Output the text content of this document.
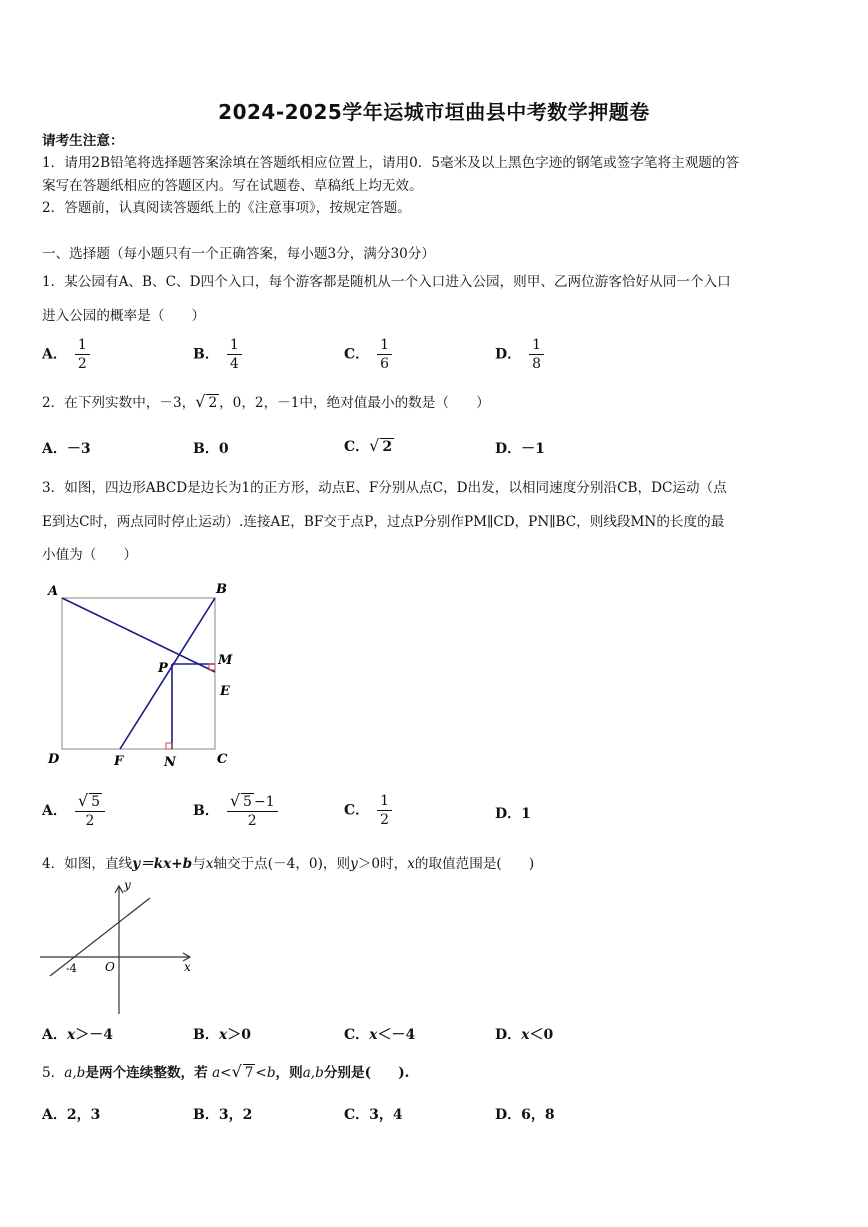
2024-2025学年运城市垣曲县中考数学押题卷
请考生注意：
1．请用2B铅笔将选择题答案涂填在答题纸相应位置上，请用0．5毫米及以上黑色字迹的钢笔或签字笔将主观题的答
案写在答题纸相应的答题区内。写在试题卷、草稿纸上均无效。
2．答题前，认真阅读答题纸上的《注意事项》，按规定答题。
一、选择题（每小题只有一个正确答案，每小题3分，满分30分）
1．某公园有A、B、C、D四个入口，每个游客都是随机从一个入口进入公园，则甲、乙两位游客恰好从同一个入口
进入公园的概率是（　　）
A． $\frac{1}{2}$	B． $\frac{1}{4}$	C． $\frac{1}{6}$	D． $\frac{1}{8}$
2．在下列实数中，－3，√ 2 ，0，2，－1中，绝对值最小的数是（　　）
A．－3	B．0	C．√ 2	D．－1
3．如图，四边形ABCD是边长为1的正方形，动点E、F分别从点C，D出发，以相同速度分别沿CB，DC运动（点
E到达C时，两点同时停止运动）.连接AE，BF交于点P，过点P分别作PM∥CD，PN∥BC，则线段MN的长度的最
小值为（　　）
A	B
C
D
E
F
M
N
P
A． $\frac{√ 5}{2}$	B． $\frac{√ 5 -1}{2}$	C． $\frac{1}{2}$	D．1
4．如图，直线y＝kx+b与x轴交于点(－4，0)，则y＞0时，x的取值范围是(　　)
y
x
O
-4
A．x＞－4	B．x＞0	C．x＜－4	D．x＜0
5．a,b是两个连续整数，若 a<√ 7 <b，则a,b分别是(　　).
A．2，3	B．3，2	C．3，4	D．6，8
